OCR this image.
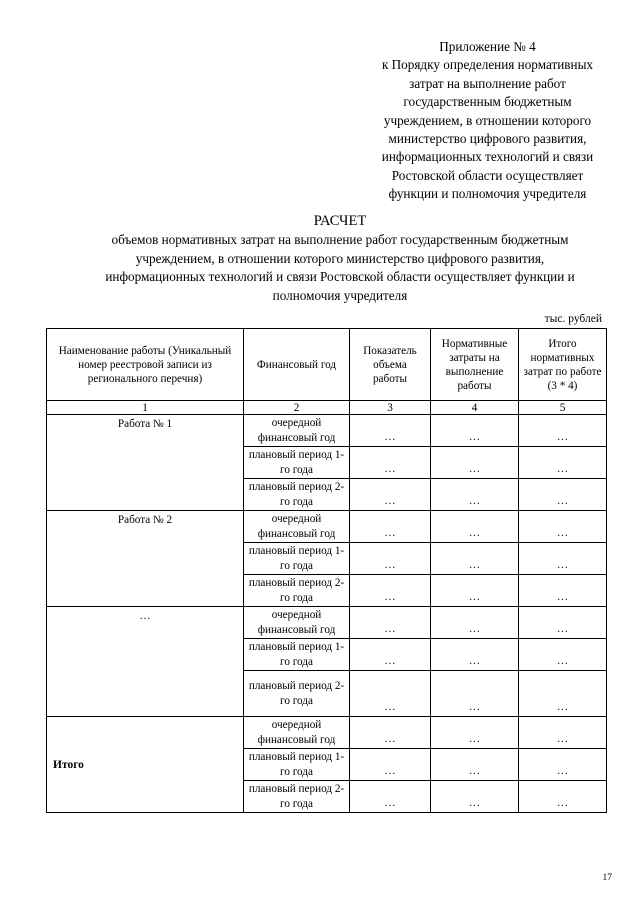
Приложение № 4
к Порядку определения нормативных
затрат на выполнение работ
государственным бюджетным
учреждением, в отношении которого
министерство цифрового развития,
информационных технологий и связи
Ростовской области осуществляет
функции и полномочия учредителя
РАСЧЕТ
объемов нормативных затрат на выполнение работ государственным бюджетным
учреждением, в отношении которого министерство цифрового развития,
информационных технологий и связи Ростовской области осуществляет функции и
полномочия учредителя
тыс. рублей
Наименование работы (Уникальный номер реестровой записи из регионального перечня)	Финансовый год	Показатель объема работы	Нормативные затраты на выполнение работы	Итого нормативных затрат по работе (3 * 4)
1	2	3	4	5
Работа № 1	очередной финансовый год	…	…	…
	плановый период 1-го года	…	…	…
	плановый период 2-го года	…	…	…
Работа № 2	очередной финансовый год	…	…	…
	плановый период 1-го года	…	…	…
	плановый период 2-го года	…	…	…
…	очередной финансовый год	…	…	…
	плановый период 1-го года	…	…	…
	плановый период 2-го года	…	…	…
Итого	очередной финансовый год	…	…	…
	плановый период 1-го года	…	…	…
	плановый период 2-го года	…	…	…
17
